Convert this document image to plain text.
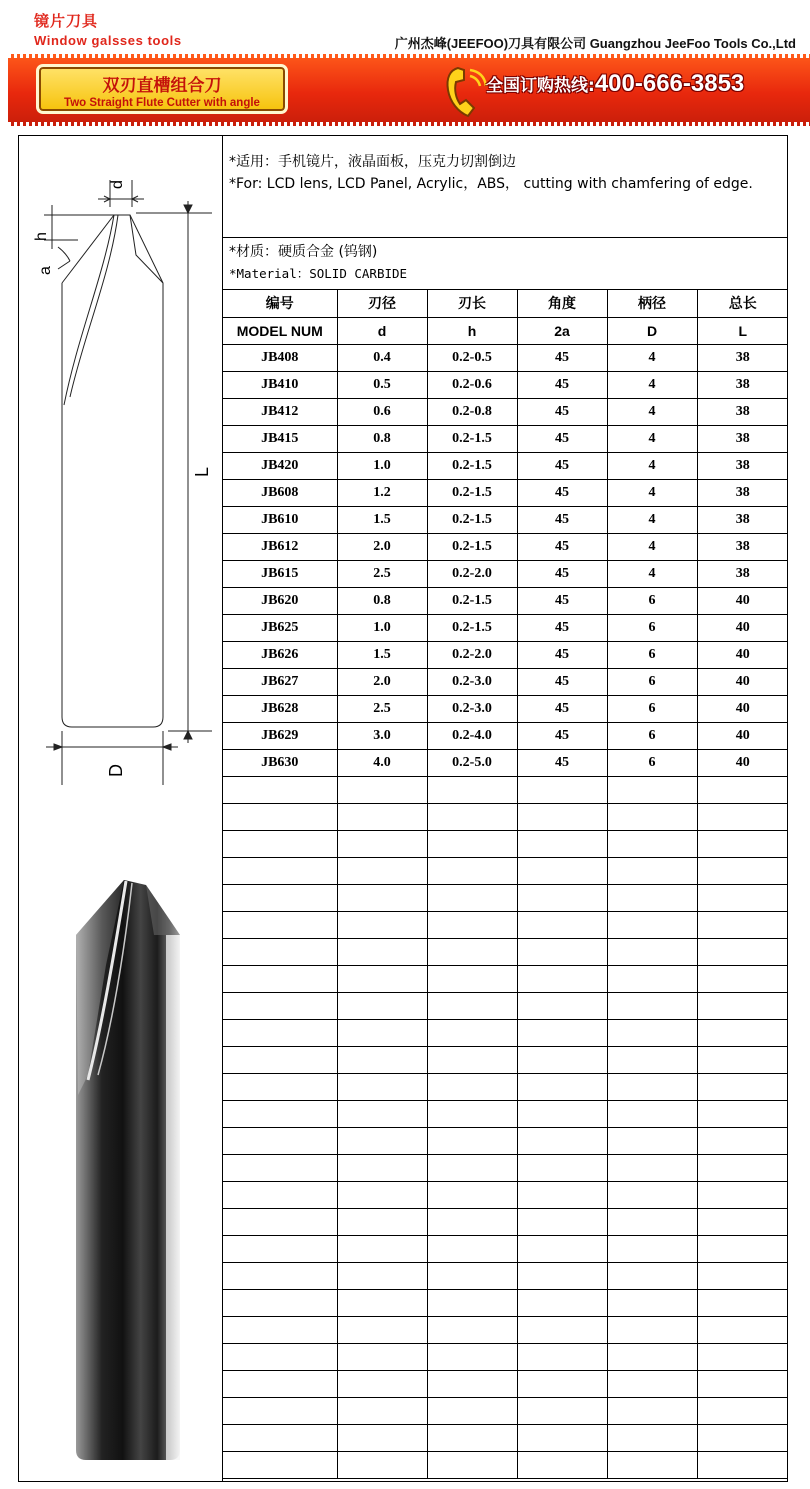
镜片刀具
Window galsses tools	广州杰峰(JEEFOO)刀具有限公司 Guangzhou JeeFoo Tools Co.,Ltd
双刃直槽组合刀
Two Straight Flute Cutter with angle
全国订购热线:400-666-3853
d
h
a
L
D
*适用：手机镜片，液晶面板，压克力切割倒边
*For: LCD lens, LCD Panel, Acrylic，ABS， cutting with chamfering of edge.
*材质：硬质合金 (钨钢)
*Material：SOLID CARBIDE
编号	刃径	刃长	角度	柄径	总长
MODEL NUM	d	h	2a	D	L
JB408	0.4	0.2-0.5	45	4	38
JB410	0.5	0.2-0.6	45	4	38
JB412	0.6	0.2-0.8	45	4	38
JB415	0.8	0.2-1.5	45	4	38
JB420	1.0	0.2-1.5	45	4	38
JB608	1.2	0.2-1.5	45	4	38
JB610	1.5	0.2-1.5	45	4	38
JB612	2.0	0.2-1.5	45	4	38
JB615	2.5	0.2-2.0	45	4	38
JB620	0.8	0.2-1.5	45	6	40
JB625	1.0	0.2-1.5	45	6	40
JB626	1.5	0.2-2.0	45	6	40
JB627	2.0	0.2-3.0	45	6	40
JB628	2.5	0.2-3.0	45	6	40
JB629	3.0	0.2-4.0	45	6	40
JB630	4.0	0.2-5.0	45	6	40
